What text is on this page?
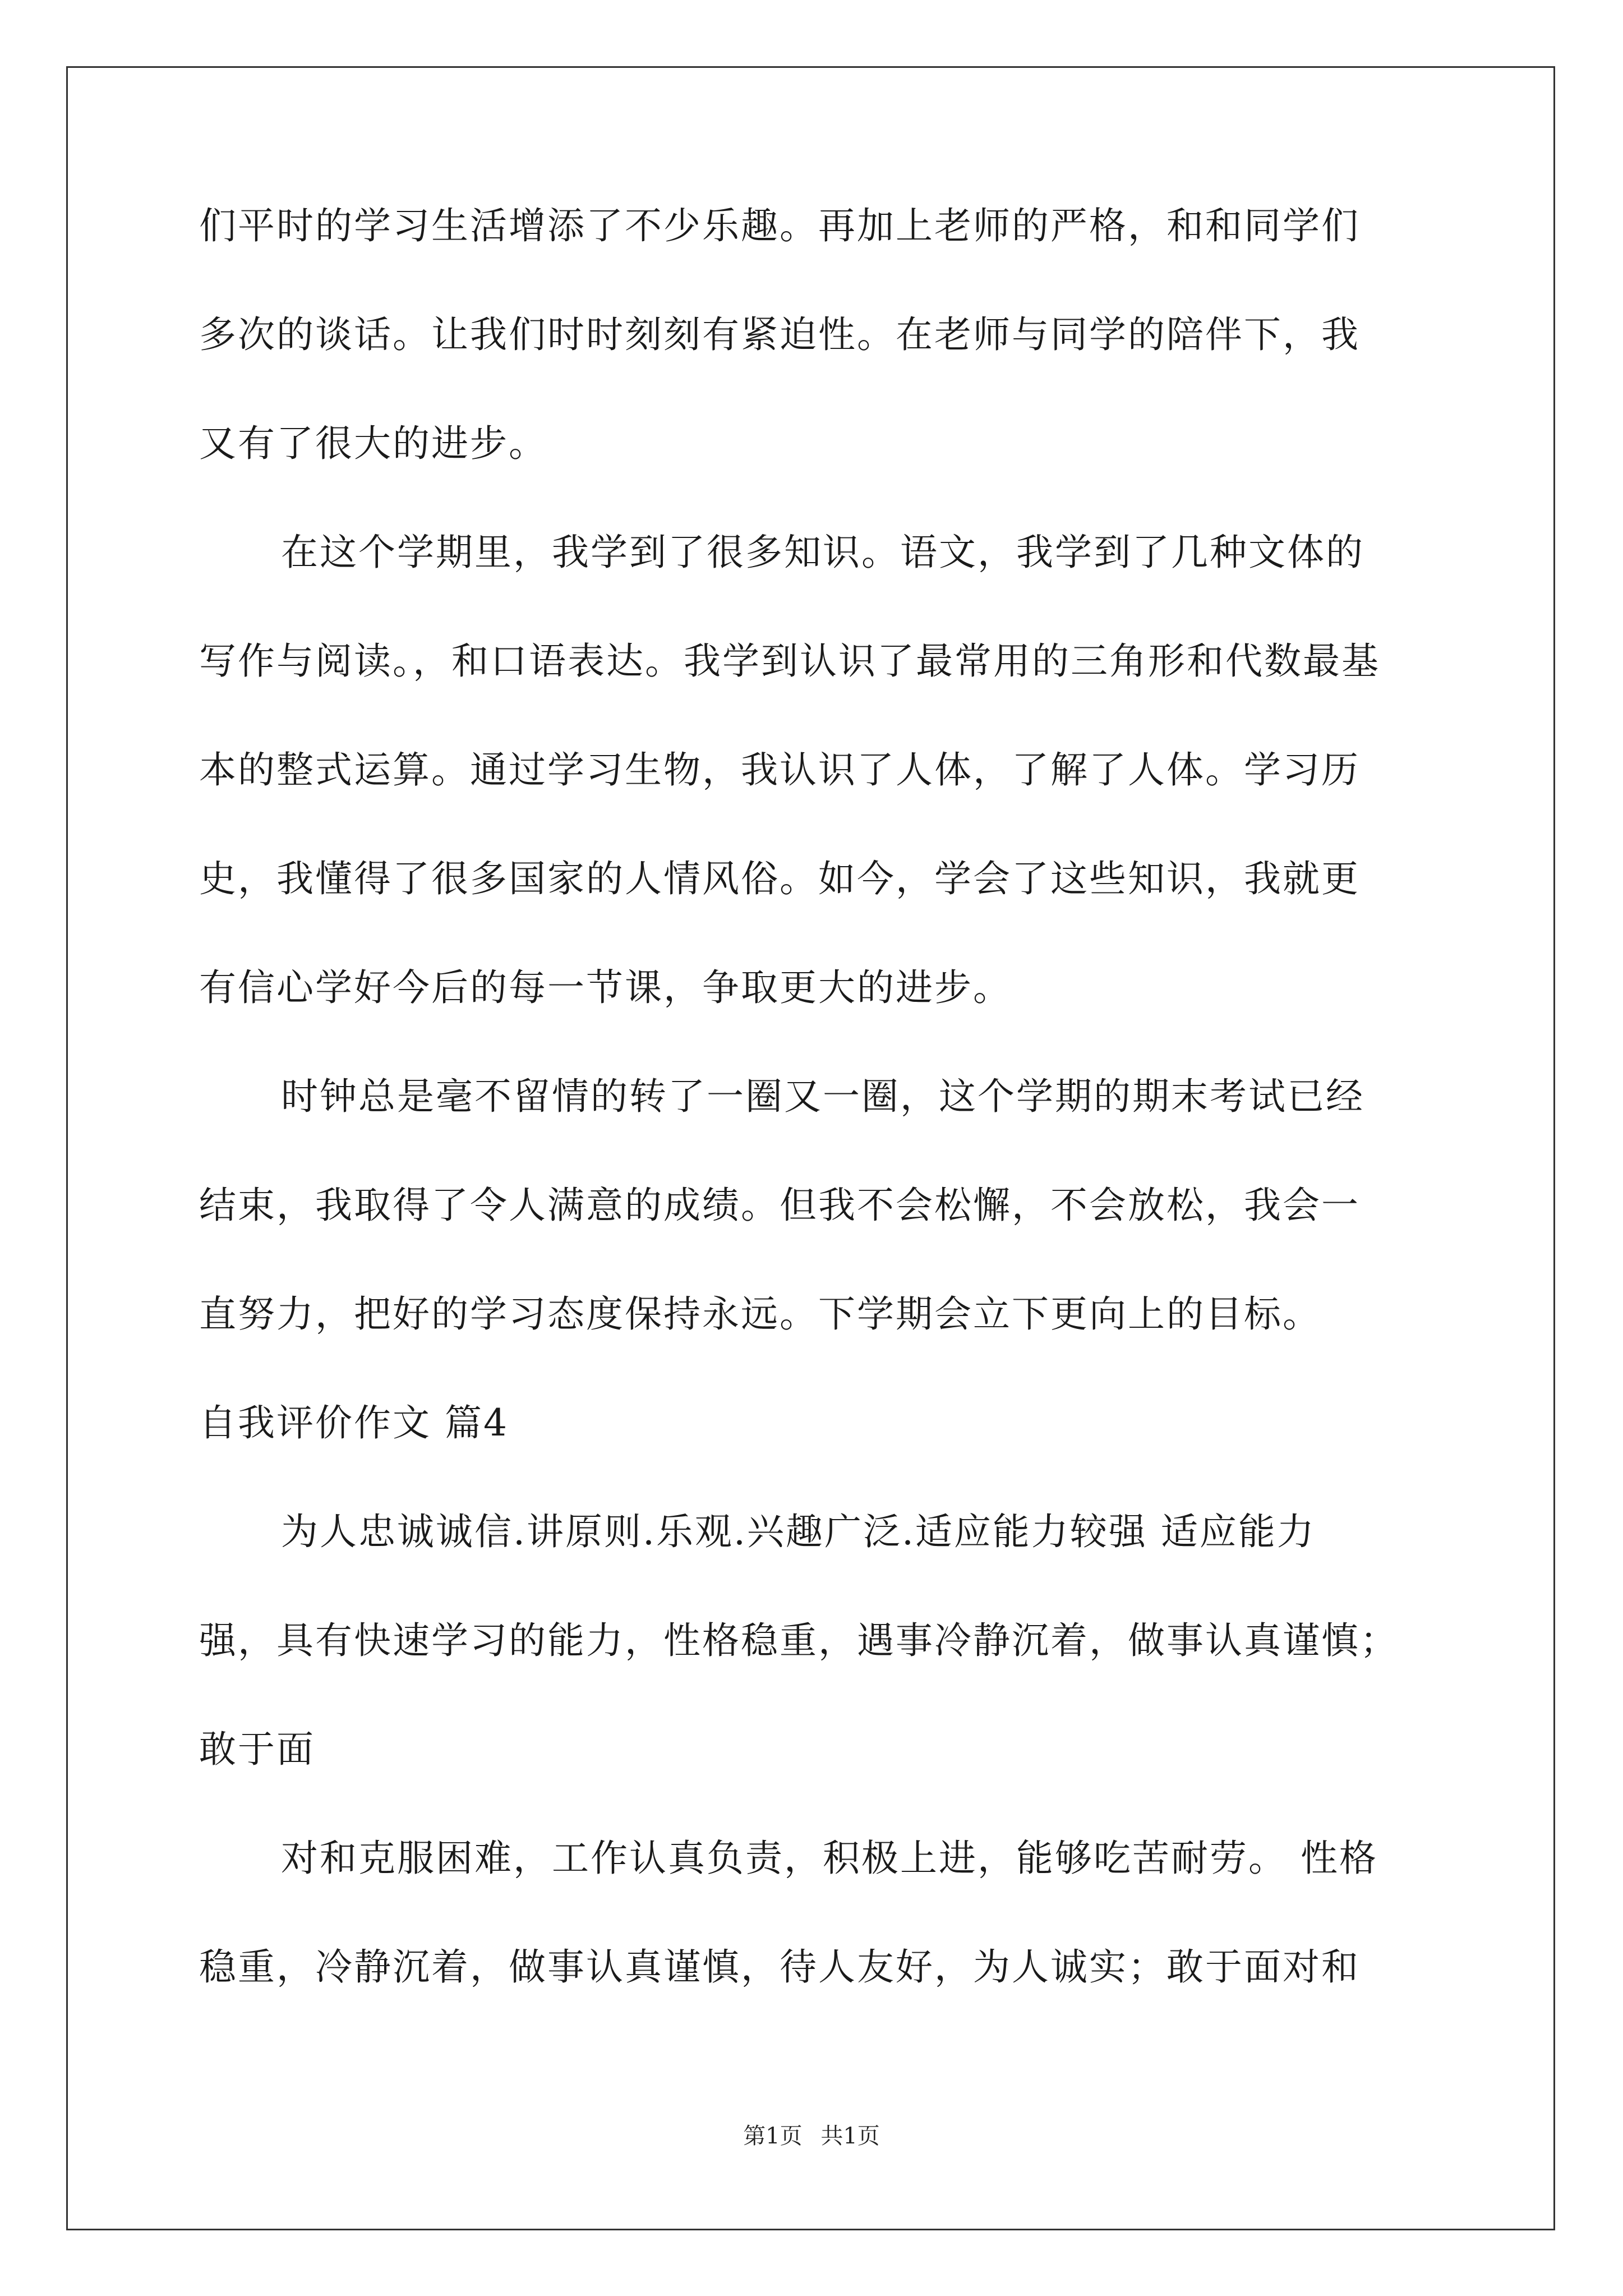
们平时的学习生活增添了不少乐趣。再加上老师的严格，和和同学们
多次的谈话。让我们时时刻刻有紧迫性。在老师与同学的陪伴下，我
又有了很大的进步。
在这个学期里，我学到了很多知识。语文，我学到了几种文体的
写作与阅读。，和口语表达。我学到认识了最常用的三角形和代数最基
本的整式运算。通过学习生物，我认识了人体，了解了人体。学习历
史，我懂得了很多国家的人情风俗。如今，学会了这些知识，我就更
有信心学好今后的每一节课，争取更大的进步。
时钟总是毫不留情的转了一圈又一圈，这个学期的期末考试已经
结束，我取得了令人满意的成绩。但我不会松懈，不会放松，我会一
直努力，把好的学习态度保持永远。下学期会立下更向上的目标。
自我评价作文 篇4
为人忠诚诚信.讲原则.乐观.兴趣广泛.适应能力较强 适应能力
强，具有快速学习的能力，性格稳重，遇事冷静沉着，做事认真谨慎；
敢于面
对和克服困难，工作认真负责，积极上进，能够吃苦耐劳。 性格
稳重，冷静沉着，做事认真谨慎，待人友好，为人诚实；敢于面对和
第1页 共1页
